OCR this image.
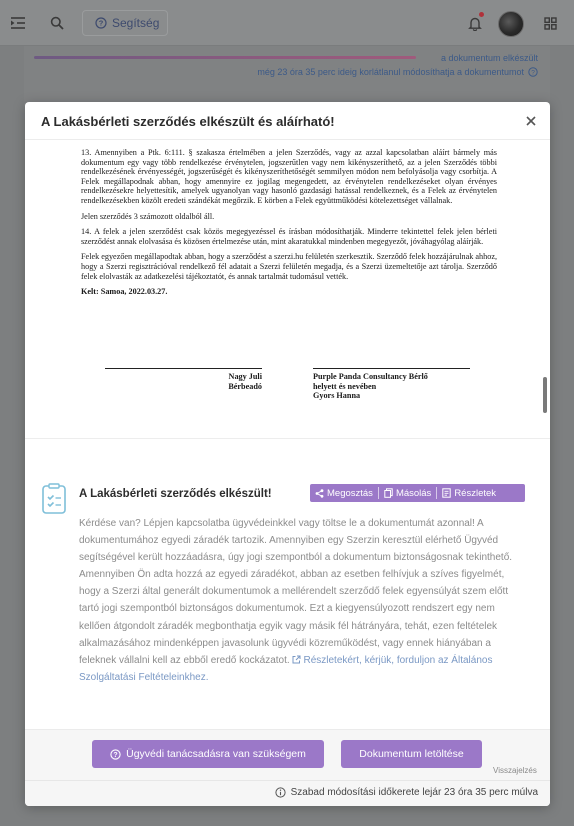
? Segítség
a dokumentum elkészült
még 23 óra 35 perc ideig korlátlanul módosíthatja a dokumentumot ?
A Lakásbérleti szerződés elkészült és aláírható!

13. Amennyiben a Ptk. 6:111. § szakasza értelmében a jelen Szerződés, vagy az azzal kapcsolatban aláírt bármely más dokumentum egy vagy több rendelkezése érvénytelen, jogszerűtlen vagy nem kikényszeríthető, az a jelen Szerződés többi rendelkezésének érvényességét, jogszerűségét és kikényszeríthetőségét semmilyen módon nem befolyásolja vagy csorbítja. A Felek megállapodnak abban, hogy amennyire ez jogilag megengedett, az érvénytelen rendelkezéseket olyan érvényes rendelkezésekre helyettesítik, amelyek ugyanolyan vagy hasonló gazdasági hatással rendelkeznek, és a Felek az érvénytelen rendelkezésekben közölt eredeti szándékát megőrzik. E körben a Felek együttműködési kötelezettséget vállalnak.

Jelen szerződés 3 számozott oldalból áll.

14. A felek a jelen szerződést csak közös megegyezéssel és írásban módosíthatják. Minderre tekintettel felek jelen bérleti szerződést annak elolvasása és közösen értelmezése után, mint akaratukkal mindenben megegyezőt, jóváhagyólag aláírják.

Felek egyezően megállapodtak abban, hogy a szerződést a szerzi.hu felületén szerkesztik. Szerződő felek hozzájárulnak ahhoz, hogy a Szerzi regisztrációval rendelkező fél adatait a Szerzi felületén megadja, és a Szerzi üzemeltetője azt tárolja. Szerződő felek elolvasták az adatkezelési tájékoztatót, és annak tartalmát tudomásul vették.

Kelt: Samoa, 2022.03.27.

Nagy Juli
Bérbeadó
Purple Panda Consultancy Bérlő
helyett és nevében
Gyors Hanna
A Lakásbérleti szerződés elkészült!	Megosztás Másolás Részletek
Kérdése van? Lépjen kapcsolatba ügyvédeinkkel vagy töltse le a dokumentumát azonnal! A dokumentumához egyedi záradék tartozik. Amennyiben egy Szerzin keresztül elérhető Ügyvéd segítségével került hozzáadásra, úgy jogi szempontból a dokumentum biztonságosnak tekinthető. Amennyiben Ön adta hozzá az egyedi záradékot, abban az esetben felhívjuk a szíves figyelmét, hogy a Szerzi által generált dokumentumok a mellérendelt szerződő felek egyensúlyát szem előtt tartó jogi szempontból biztonságos dokumentumok. Ezt a kiegyensúlyozott rendszert egy nem kellően átgondolt záradék megbonthatja egyik vagy másik fél hátrányára, tehát, ezen feltételek alkalmazásához mindenképpen javasolunk ügyvédi közreműködést, vagy ennek hiányában a feleknek vállalni kell az ebből eredő kockázatot. Részletekért, kérjük, forduljon az Általános Szolgáltatási Feltételeinkhez.
? Ügyvédi tanácsadásra van szükségem	Dokumentum letöltése
Visszajelzés
Szabad módosítási időkerete lejár 23 óra 35 perc múlva
